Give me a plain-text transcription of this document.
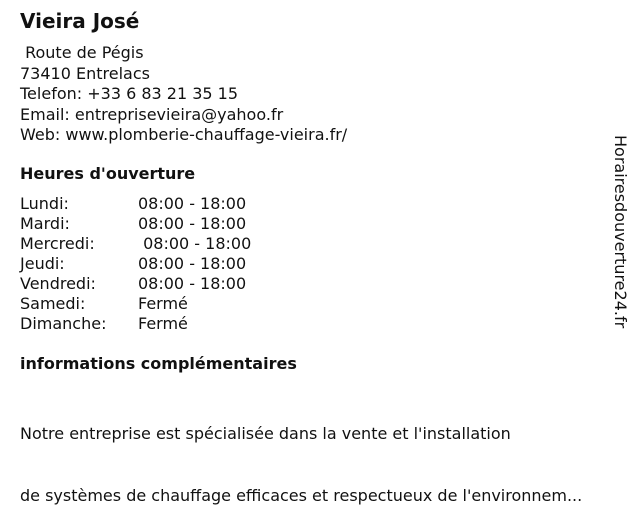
Vieira José
Route de Pégis
73410 Entrelacs
Telefon: +33 6 83 21 35 15
Email: entreprisevieira@yahoo.fr
Web: www.plomberie-chauffage-vieira.fr/
Heures d'ouverture
Lundi:	08:00 - 18:00
Mardi:	08:00 - 18:00
Mercredi:	08:00 - 18:00
Jeudi:	08:00 - 18:00
Vendredi:	08:00 - 18:00
Samedi:	Fermé
Dimanche:	Fermé
informations complémentaires

Notre entreprise est spécialisée dans la vente et l'installation

de systèmes de chauffage efficaces et respectueux de l'environnem...

Horairesdouverture24.fr
